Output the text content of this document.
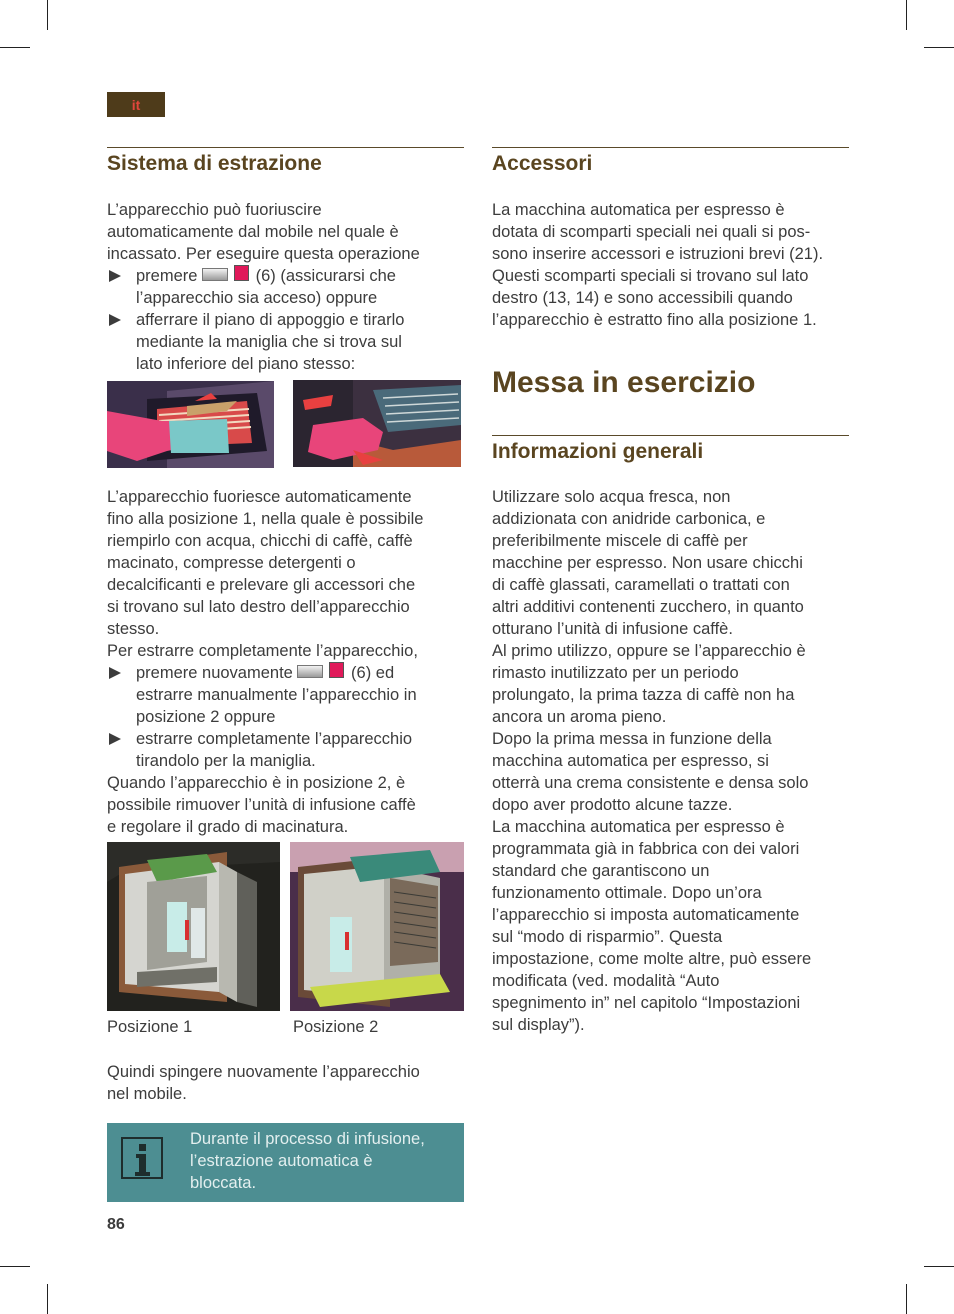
it
Sistema di estrazione

L’apparecchio può fuoriuscire

automaticamente dal mobile nel quale è

incassato. Per eseguire questa operazione

premere	(6) (assicurarsi che

l’apparecchio sia acceso) oppure

afferrare il piano di appoggio e tirarlo

mediante la maniglia che si trova sul

lato inferiore del piano stesso:

L’apparecchio fuoriesce automaticamente

fino alla posizione 1, nella quale è possibile

riempirlo con acqua, chicchi di caffè, caffè

macinato, compresse detergenti o

decalcificanti e prelevare gli accessori che

si trovano sul lato destro dell’apparecchio

stesso.

Per estrarre completamente l’apparecchio,

premere nuovamente	(6) ed

estrarre manualmente l’apparecchio in

posizione 2 oppure

estrarre completamente l’apparecchio

tirandolo per la maniglia.

Quando l’apparecchio è in posizione 2, è

possibile rimuover l’unità di infusione caffè

e regolare il grado di macinatura.

Posizione 1	Posizione 2

Quindi spingere nuovamente l’apparecchio

nel mobile.

Durante il processo di infusione,
l’estrazione automatica è
bloccata.
86
Accessori

La macchina automatica per espresso è

dotata di scomparti speciali nei quali si pos-

sono inserire accessori e istruzioni brevi (21).

Questi scomparti speciali si trovano sul lato

destro (13, 14) e sono accessibili quando

l’apparecchio è estratto fino alla posizione 1.

Messa in esercizio
Informazioni generali

Utilizzare solo acqua fresca, non

addizionata con anidride carbonica, e

preferibilmente miscele di caffè per

macchine per espresso. Non usare chicchi

di caffè glassati, caramellati o trattati con

altri additivi contenenti zucchero, in quanto

otturano l’unità di infusione caffè.

Al primo utilizzo, oppure se l’apparecchio è

rimasto inutilizzato per un periodo

prolungato, la prima tazza di caffè non ha

ancora un aroma pieno.

Dopo la prima messa in funzione della

macchina automatica per espresso, si

otterrà una crema consistente e densa solo

dopo aver prodotto alcune tazze.

La macchina automatica per espresso è

programmata già in fabbrica con dei valori

standard che garantiscono un

funzionamento ottimale. Dopo un’ora

l’apparecchio si imposta automaticamente

sul “modo di risparmio”. Questa

impostazione, come molte altre, può essere

modificata (ved. modalità “Auto

spegnimento in” nel capitolo “Impostazioni

sul display”).
